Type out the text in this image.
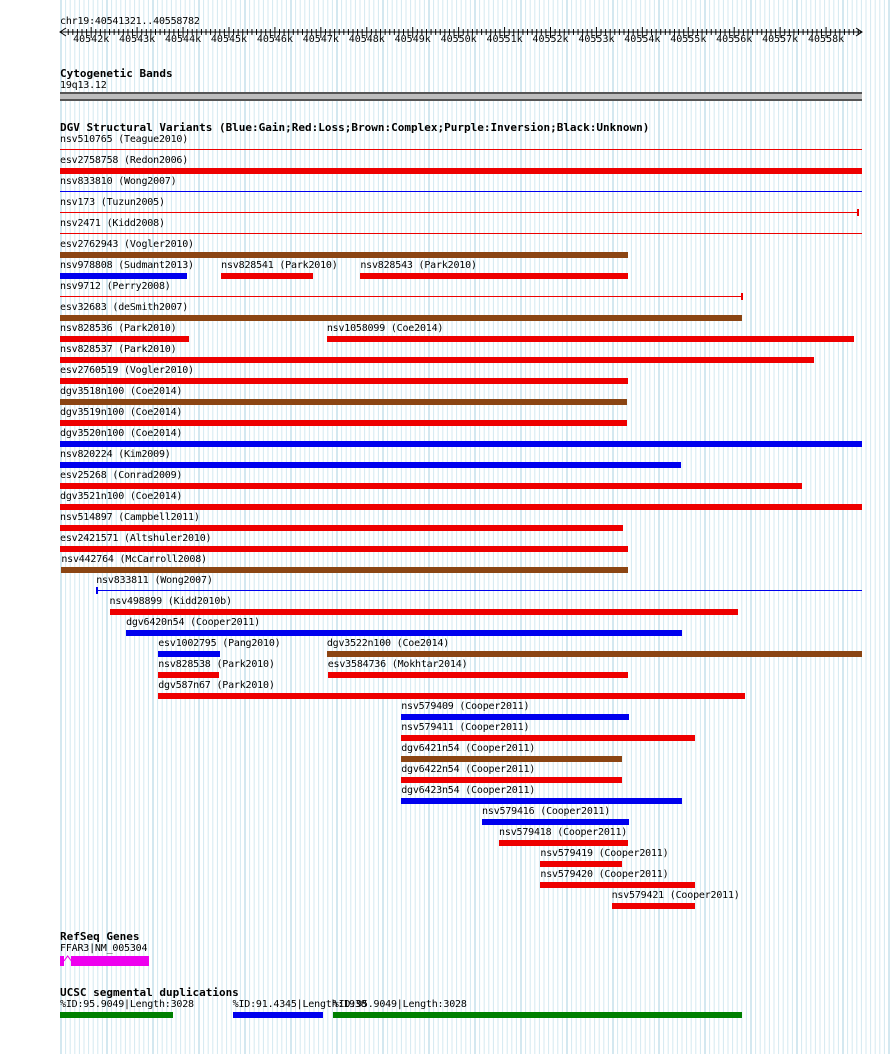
chr19:40541321..40558782
40542k 40543k 40544k 40545k 40546k 40547k 40548k 40549k 40550k 40551k 40552k 40553k 40554k 40555k 40556k 40557k 40558k
Cytogenetic Bands
19q13.12
DGV Structural Variants (Blue:Gain;Red:Loss;Brown:Complex;Purple:Inversion;Black:Unknown)
nsv510765 (Teague2010)
esv2758758 (Redon2006)
nsv833810 (Wong2007)
nsv173 (Tuzun2005)
nsv2471 (Kidd2008)
esv2762943 (Vogler2010)
nsv978808 (Sudmant2013)	nsv828541 (Park2010) nsv828543 (Park2010)
nsv9712 (Perry2008)
esv32683 (deSmith2007)
nsv828536 (Park2010)	nsv1058099 (Coe2014)
nsv828537 (Park2010)
esv2760519 (Vogler2010)
dgv3518n100 (Coe2014)
dgv3519n100 (Coe2014)
dgv3520n100 (Coe2014)
nsv820224 (Kim2009)
esv25268 (Conrad2009)
dgv3521n100 (Coe2014)
nsv514897 (Campbell2011)
esv2421571 (Altshuler2010)
nsv442764 (McCarroll2008)
nsv833811 (Wong2007)
nsv498899 (Kidd2010b)
dgv6420n54 (Cooper2011)
esv1002795 (Pang2010)	dgv3522n100 (Coe2014)
nsv828538 (Park2010)	esv3584736 (Mokhtar2014)
dgv587n67 (Park2010)
nsv579409 (Cooper2011)
nsv579411 (Cooper2011)
dgv6421n54 (Cooper2011)
dgv6422n54 (Cooper2011)
dgv6423n54 (Cooper2011)
nsv579416 (Cooper2011)
nsv579418 (Cooper2011)
nsv579419 (Cooper2011)
nsv579420 (Cooper2011)
nsv579421 (Cooper2011)
RefSeq Genes
FFAR3|NM_005304
UCSC segmental duplications
%ID:95.9049|Length:3028	%ID:91.4345|Length:1938
%ID:95.9049|Length:3028
